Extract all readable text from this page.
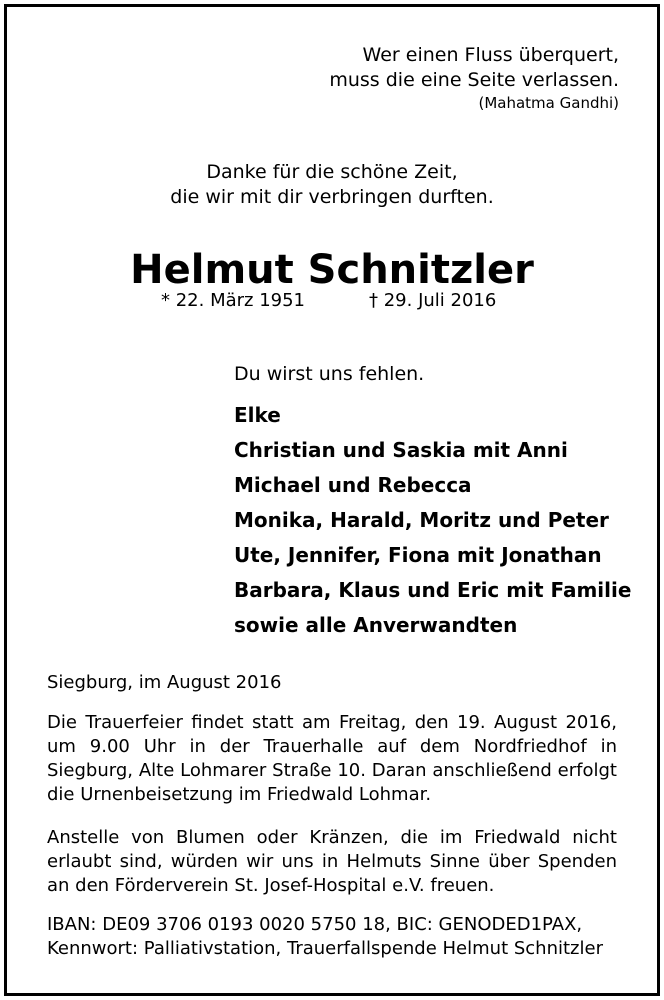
Wer einen Fluss überquert,
muss die eine Seite verlassen.
(Mahatma Gandhi)
Danke für die schöne Zeit,
die wir mit dir verbringen durften.
Helmut Schnitzler
* 22. März 1951	† 29. Juli 2016
Du wirst uns fehlen.
Elke
Christian und Saskia mit Anni
Michael und Rebecca
Monika, Harald, Moritz und Peter
Ute, Jennifer, Fiona mit Jonathan
Barbara, Klaus und Eric mit Familie
sowie alle Anverwandten
Siegburg, im August 2016
Die Trauerfeier findet statt am Freitag, den 19. August 2016, um 9.00 Uhr in der Trauerhalle auf dem Nordfriedhof in Siegburg, Alte Lohmarer Straße 10. Daran anschließend erfolgt die Urnenbeisetzung im Friedwald Lohmar.
Anstelle von Blumen oder Kränzen, die im Friedwald nicht erlaubt sind, würden wir uns in Helmuts Sinne über Spenden an den Förderverein St. Josef-Hospital e.V. freuen.
IBAN: DE09 3706 0193 0020 5750 18, BIC: GENODED1PAX,
Kennwort: Palliativstation, Trauerfallspende Helmut Schnitzler
